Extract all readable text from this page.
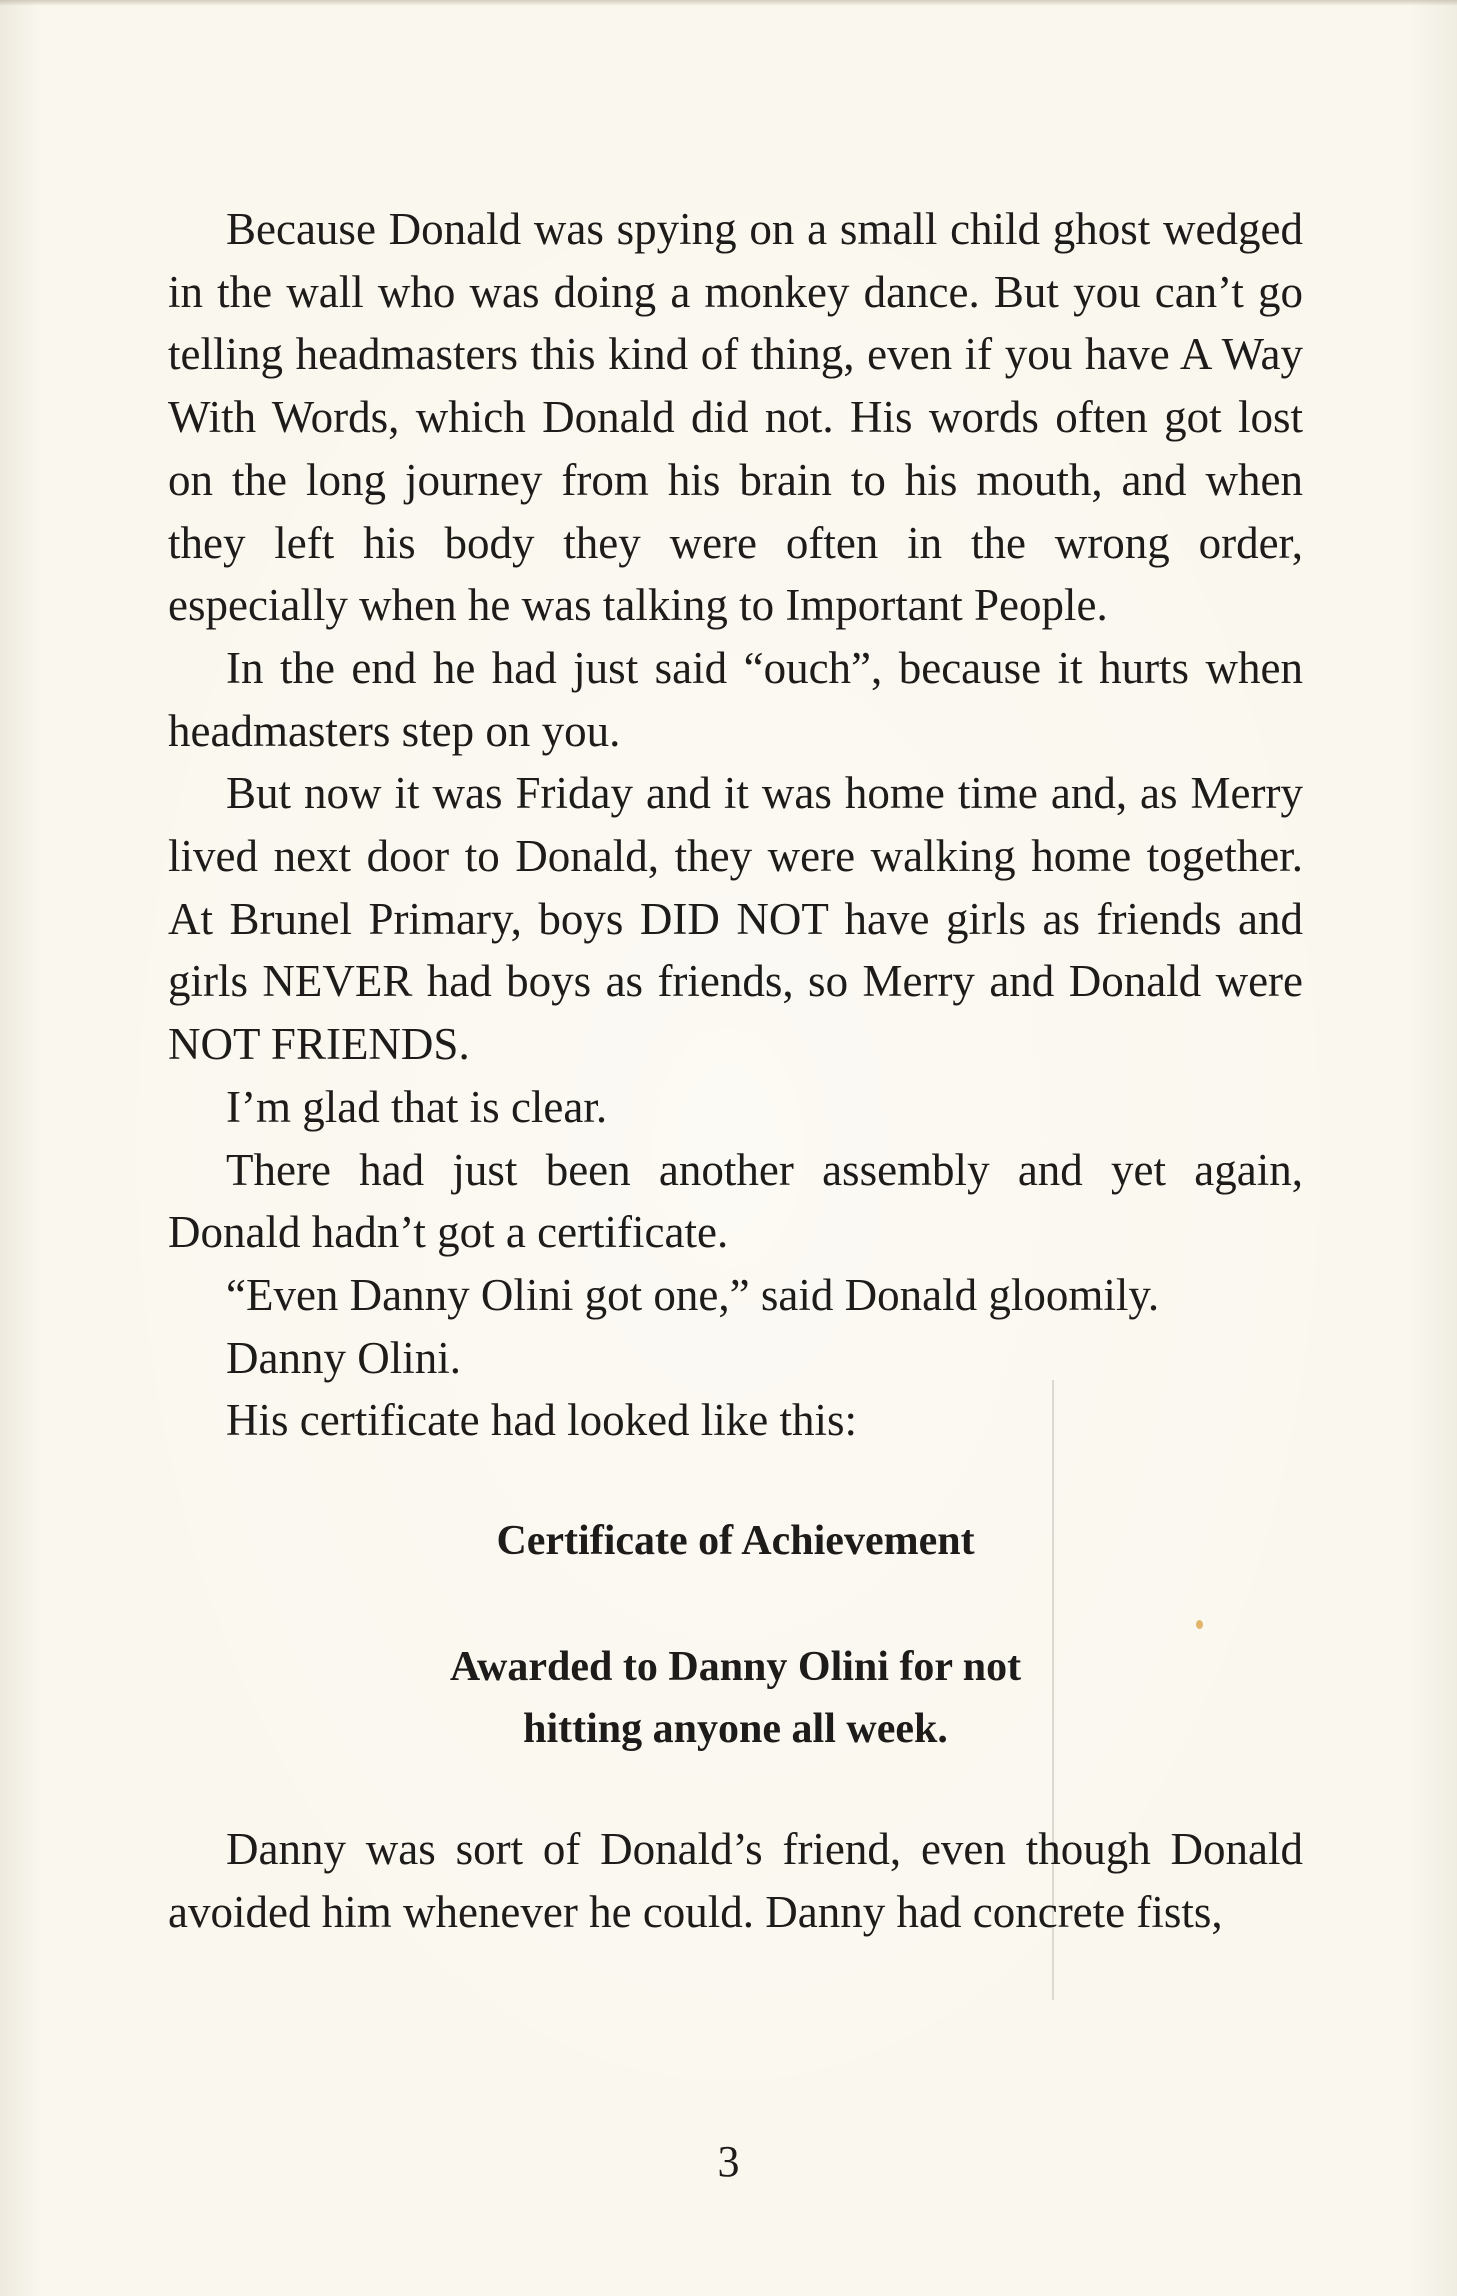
Because Donald was spying on a small child ghost wedged in the wall who was doing a monkey dance. But you can’t go telling headmasters this kind of thing, even if you have A Way With Words, which Donald did not. His words often got lost on the long journey from his brain to his mouth, and when they left his body they were often in the wrong order, especially when he was talking to Important People.

In the end he had just said “ouch”, because it hurts when headmasters step on you.

But now it was Friday and it was home time and, as Merry lived next door to Donald, they were walking home together. At Brunel Primary, boys DID NOT have girls as friends and girls NEVER had boys as friends, so Merry and Donald were NOT FRIENDS.

I’m glad that is clear.

There had just been another assembly and yet again, Donald hadn’t got a certificate.

“Even Danny Olini got one,” said Donald gloomily.

Danny Olini.

His certificate had looked like this:

Certificate of Achievement

Awarded to Danny Olini for not

hitting anyone all week.

Danny was sort of Donald’s friend, even though Donald avoided him whenever he could. Danny had concrete fists,

3
